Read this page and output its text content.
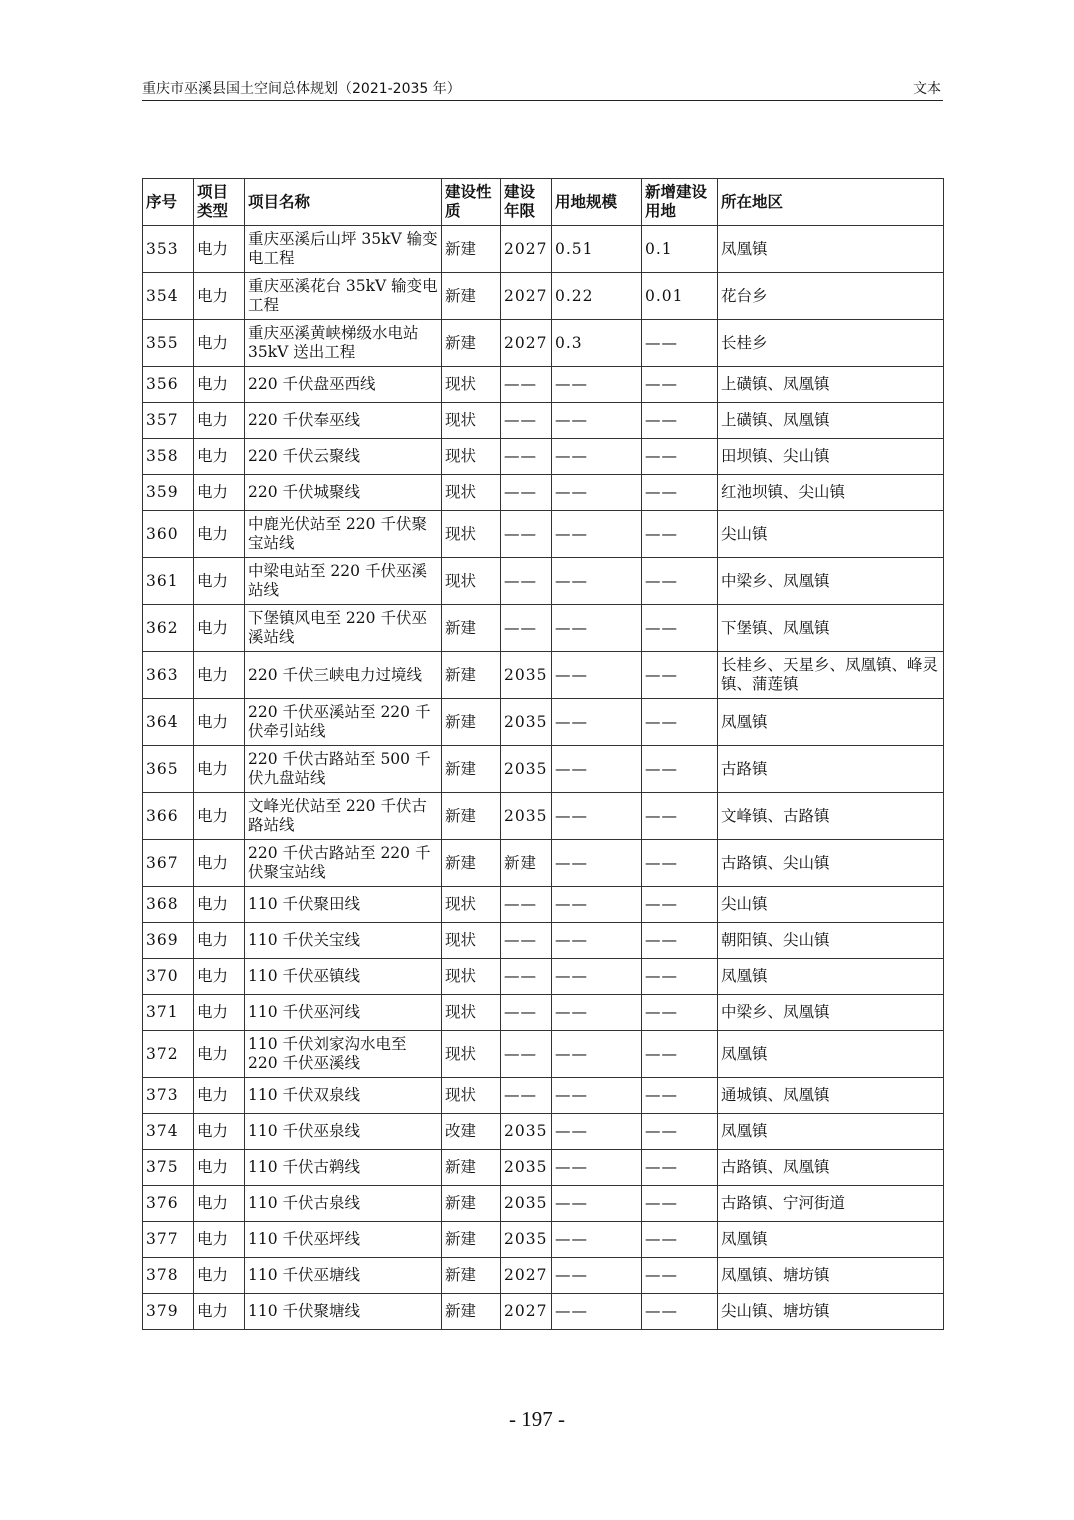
重庆市巫溪县国土空间总体规划（2021-2035 年）	文本
序号	项目类型	项目名称	建设性质	建设年限	用地规模	新增建设用地	所在地区
353	电力	重庆巫溪后山坪 35kV 输变电工程	新建	2027	0.51	0.1	凤凰镇
354	电力	重庆巫溪花台 35kV 输变电工程	新建	2027	0.22	0.01	花台乡
355	电力	重庆巫溪黄峡梯级水电站 35kV 送出工程	新建	2027	0.3	——	长桂乡
356	电力	220 千伏盘巫西线	现状	——	——	——	上磺镇、凤凰镇
357	电力	220 千伏奉巫线	现状	——	——	——	上磺镇、凤凰镇
358	电力	220 千伏云聚线	现状	——	——	——	田坝镇、尖山镇
359	电力	220 千伏城聚线	现状	——	——	——	红池坝镇、尖山镇
360	电力	中鹿光伏站至 220 千伏聚宝站线	现状	——	——	——	尖山镇
361	电力	中梁电站至 220 千伏巫溪站线	现状	——	——	——	中梁乡、凤凰镇
362	电力	下堡镇风电至 220 千伏巫溪站线	新建	——	——	——	下堡镇、凤凰镇
363	电力	220 千伏三峡电力过境线	新建	2035	——	——	长桂乡、天星乡、凤凰镇、峰灵镇、蒲莲镇
364	电力	220 千伏巫溪站至 220 千伏牵引站线	新建	2035	——	——	凤凰镇
365	电力	220 千伏古路站至 500 千伏九盘站线	新建	2035	——	——	古路镇
366	电力	文峰光伏站至 220 千伏古路站线	新建	2035	——	——	文峰镇、古路镇
367	电力	220 千伏古路站至 220 千伏聚宝站线	新建	新建	——	——	古路镇、尖山镇
368	电力	110 千伏聚田线	现状	——	——	——	尖山镇
369	电力	110 千伏关宝线	现状	——	——	——	朝阳镇、尖山镇
370	电力	110 千伏巫镇线	现状	——	——	——	凤凰镇
371	电力	110 千伏巫河线	现状	——	——	——	中梁乡、凤凰镇
372	电力	110 千伏刘家沟水电至 220 千伏巫溪线	现状	——	——	——	凤凰镇
373	电力	110 千伏双泉线	现状	——	——	——	通城镇、凤凰镇
374	电力	110 千伏巫泉线	改建	2035	——	——	凤凰镇
375	电力	110 千伏古鹈线	新建	2035	——	——	古路镇、凤凰镇
376	电力	110 千伏古泉线	新建	2035	——	——	古路镇、宁河街道
377	电力	110 千伏巫坪线	新建	2035	——	——	凤凰镇
378	电力	110 千伏巫塘线	新建	2027	——	——	凤凰镇、塘坊镇
379	电力	110 千伏聚塘线	新建	2027	——	——	尖山镇、塘坊镇
- 197 -
